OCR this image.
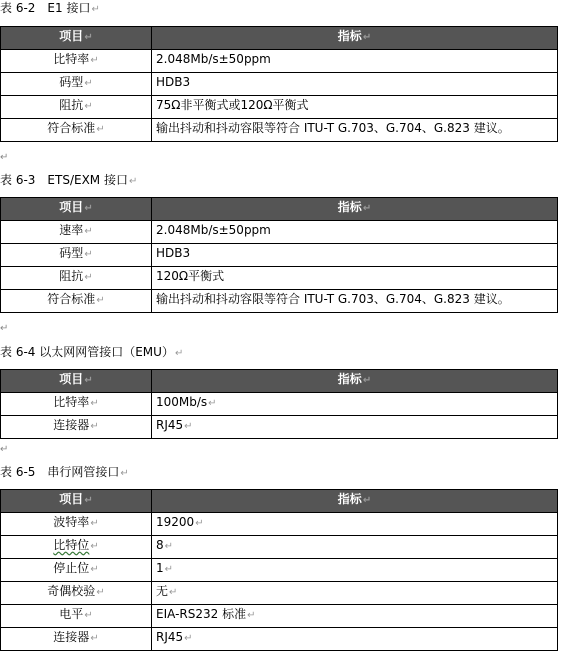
表 6-2　E1 接口↵
项目↵	指标↵
比特率↵	2.048Mb/s±50ppm
码型↵	HDB3
阻抗↵	75Ω非平衡式或120Ω平衡式
符合标准↵	输出抖动和抖动容限等符合 ITU-T G.703、G.704、G.823 建议。
↵
表 6-3　ETS/EXM 接口↵
项目↵	指标↵
速率↵	2.048Mb/s±50ppm
码型↵	HDB3
阻抗↵	120Ω平衡式
符合标准↵	输出抖动和抖动容限等符合 ITU-T G.703、G.704、G.823 建议。
↵
表 6-4 以太网网管接口（EMU）↵
项目↵	指标↵
比特率↵	100Mb/s↵
连接器↵	RJ45↵
↵
表 6-5　串行网管接口↵
项目↵	指标↵
波特率↵	19200↵
比特位↵	8↵
停止位↵	1↵
奇偶校验↵	无↵
电平↵	EIA-RS232 标准↵
连接器↵	RJ45↵
